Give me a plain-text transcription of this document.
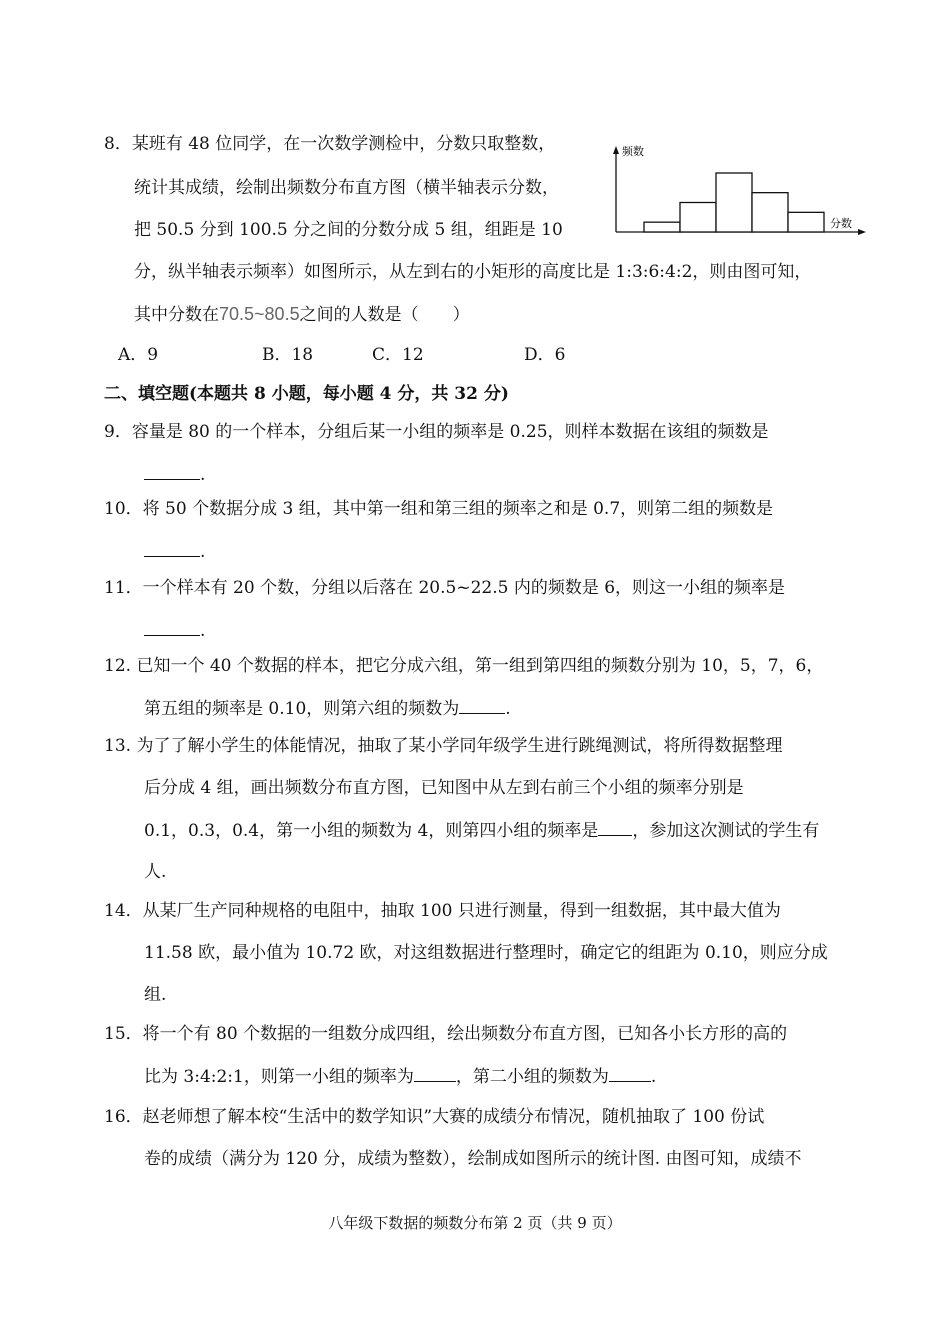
8．某班有 48 位同学，在一次数学测检中，分数只取整数，
统计其成绩，绘制出频数分布直方图（横半轴表示分数，
把 50.5 分到 100.5 分之间的分数分成 5 组，组距是 10
分，纵半轴表示频率）如图所示，从左到右的小矩形的高度比是 1:3:6:4:2，则由图可知，
其中分数在70.5~80.5之间的人数是（　　）
A．9	B．18	C．12	D．6
频数
分数
二、填空题(本题共 8 小题，每小题 4 分，共 32 分)
9．容量是 80 的一个样本，分组后某一小组的频率是 0.25，则样本数据在该组的频数是
.
10．将 50 个数据分成 3 组，其中第一组和第三组的频率之和是 0.7，则第二组的频数是
.
11．一个样本有 20 个数，分组以后落在 20.5~22.5 内的频数是 6，则这一小组的频率是
.
12. 已知一个 40 个数据的样本，把它分成六组，第一组到第四组的频数分别为 10，5，7，6，
第五组的频率是 0.10，则第六组的频数为	.
13. 为了了解小学生的体能情况，抽取了某小学同年级学生进行跳绳测试，将所得数据整理
后分成 4 组，画出频数分布直方图，已知图中从左到右前三个小组的频率分别是
0.1，0.3，0.4，第一小组的频数为 4，则第四小组的频率是 ，参加这次测试的学生有
人.
14．从某厂生产同种规格的电阻中，抽取 100 只进行测量，得到一组数据，其中最大值为
11.58 欧，最小值为 10.72 欧，对这组数据进行整理时，确定它的组距为 0.10，则应分成
组.
15．将一个有 80 个数据的一组数分成四组，绘出频数分布直方图，已知各小长方形的高的
比为 3:4:2:1，则第一小组的频率为 ，第二小组的频数为 .
16．赵老师想了解本校“生活中的数学知识”大赛的成绩分布情况，随机抽取了 100 份试
卷的成绩（满分为 120 分，成绩为整数），绘制成如图所示的统计图. 由图可知，成绩不
八年级下数据的频数分布第 2 页（共 9 页）
